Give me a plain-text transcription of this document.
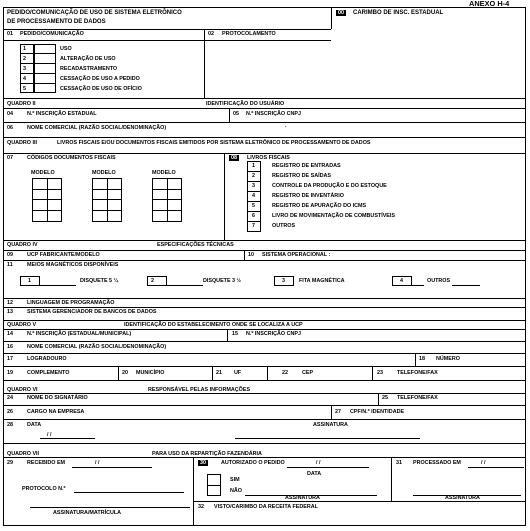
ANEXO H-4
PEDIDO/COMUNICAÇÃO DE USO DE SISTEMA ELETRÔNICO
DE PROCESSAMENTO DE DADOS
00	CARIMBO DE INSC. ESTADUAL
01 PEDIDO/COMUNICAÇÃO	02 PROTOCOLAMENTO
1	USO
2	ALTERAÇÃO DE USO
3	RECADASTRAMENTO
4	CESSAÇÃO DE USO A PEDIDO
5	CESSAÇÃO DE USO DE OFÍCIO
QUADRO II	IDENTIFICAÇÃO DO USUÁRIO
04	N.º INSCRIÇÃO ESTADUAL	05 N.º INSCRIÇÃO CNPJ
06	NOME COMERCIAL (RAZÃO SOCIAL/DENOMINAÇÃO)	.
QUADRO III	LIVROS FISCAIS E/OU DOCUMENTOS FISCAIS EMITIDOS POR SISTEMA ELETRÔNICO DE PROCESSAMENTO DE DADOS
07	CÓDIGOS DOCUMENTOS FISCAIS
MODELO	MODELO	MODELO
08	LIVROS FISCAIS
1	REGISTRO DE ENTRADAS
2	REGISTRO DE SAÍDAS
3	CONTROLE DA PRODUÇÃO E DO ESTOQUE
4	REGISTRO DE INVENTÁRIO
5	REGISTRO DE APURAÇÃO DO ICMS
6	LIVRO DE MOVIMENTAÇÃO DE COMBUSTÍVEIS
7	OUTROS
QUADRO IV	ESPECIFICAÇÕES TÉCNICAS
09	UCP FABRICANTE/MODELO	10 SISTEMA OPERACIONAL :
11	MEIOS MAGNÉTICOS DISPONÍVEIS
1	DISQUETE 5 ¼	2	DISQUETE 3 ½	3	FITA MAGNÉTICA	4	OUTROS
12	LINGUAGEM DE PROGRAMAÇÃO
13	SISTEMA GERENCIADOR DE BANCOS DE DADOS
QUADRO V	IDENTIFICAÇÃO DO ESTABELECIMENTO ONDE SE LOCALIZA A UCP
14	N.º INSCRIÇÃO (ESTADUAL/MUNICIPAL)	15 N.º INSCRIÇÃO CNPJ
16	NOME COMERCIAL (RAZÃO SOCIAL/DENOMINAÇÃO)
17	LOGRADOURO	18 NÚMERO
19	COMPLEMENTO	20 MUNICÍPIO	21 UF	22	CEP	23	TELEFONE/FAX
QUADRO VI	RESPONSÁVEL PELAS INFORMAÇÕES
24	NOME DO SIGNATÁRIO	25 TELEFONE/FAX
26	CARGO NA EMPRESA	27 CPF/N.º IDENTIDADE
28	DATA
/ /
ASSINATURA
QUADRO VII	PARA USO DA REPARTIÇÃO FAZENDÁRIA
29	RECEBIDO EM	/ /
PROTOCOLO N.º
ASSINATURA/MATRÍCULA
30	AUTORIZADO O PEDIDO	/ /
DATA
SIM
NÃO
ASSINATURA
31 PROCESSADO EM	/ /
ASSINATURA
32 VISTO/CARIMBO DA RECEITA FEDERAL
